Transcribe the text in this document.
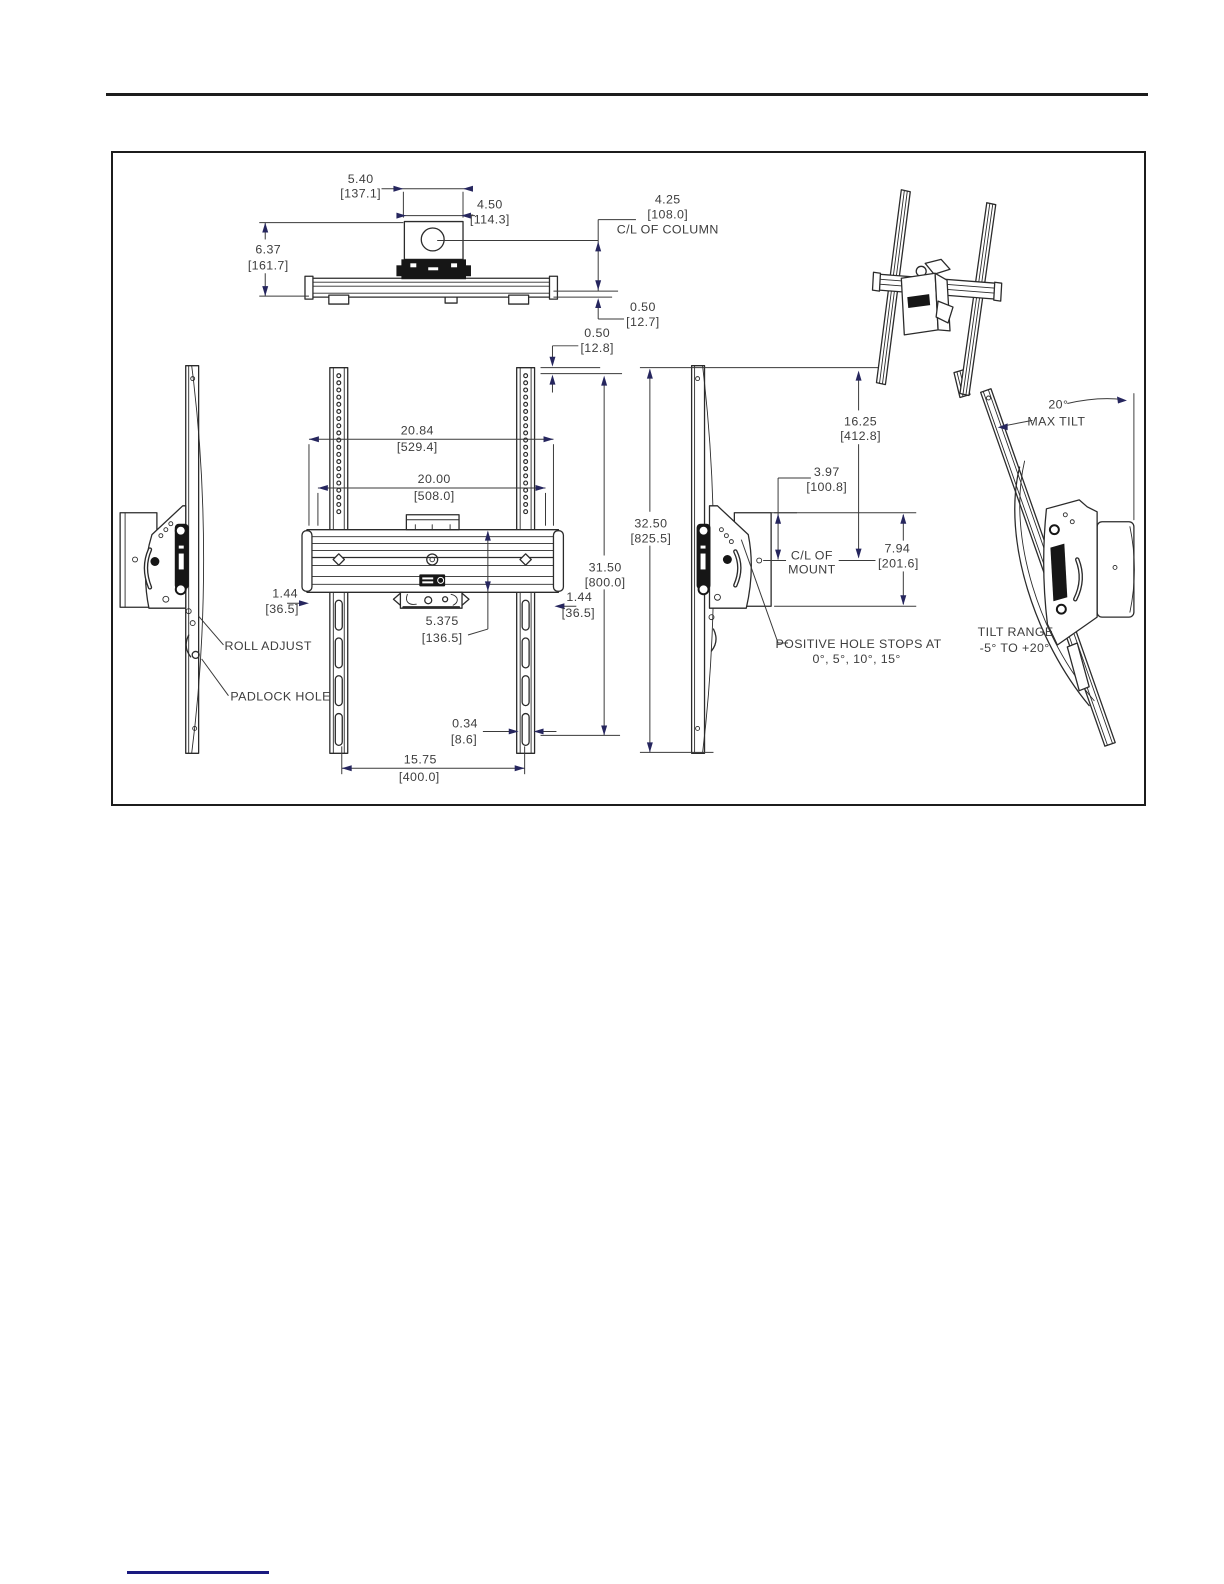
5.40
[137.1]
4.50
[114.3]
6.37
[161.7]
4.25
[108.0]
C/L OF COLUMN
0.50
[12.7]
0.50
[12.8]
20.84
[529.4]
20.00
[508.0]
31.50
[800.0]
1.44
[36.5]
1.44
[36.5]
5.375
[136.5]
0.34
[8.6]
15.75
[400.0]
ROLL ADJUST
PADLOCK HOLE
32.50
[825.5]
16.25
[412.8]
3.97
[100.8]
C/L OF
MOUNT
7.94
[201.6]
POSITIVE HOLE STOPS AT
0°, 5°, 10°, 15°
20°
MAX TILT
TILT RANGE
-5° TO +20°
